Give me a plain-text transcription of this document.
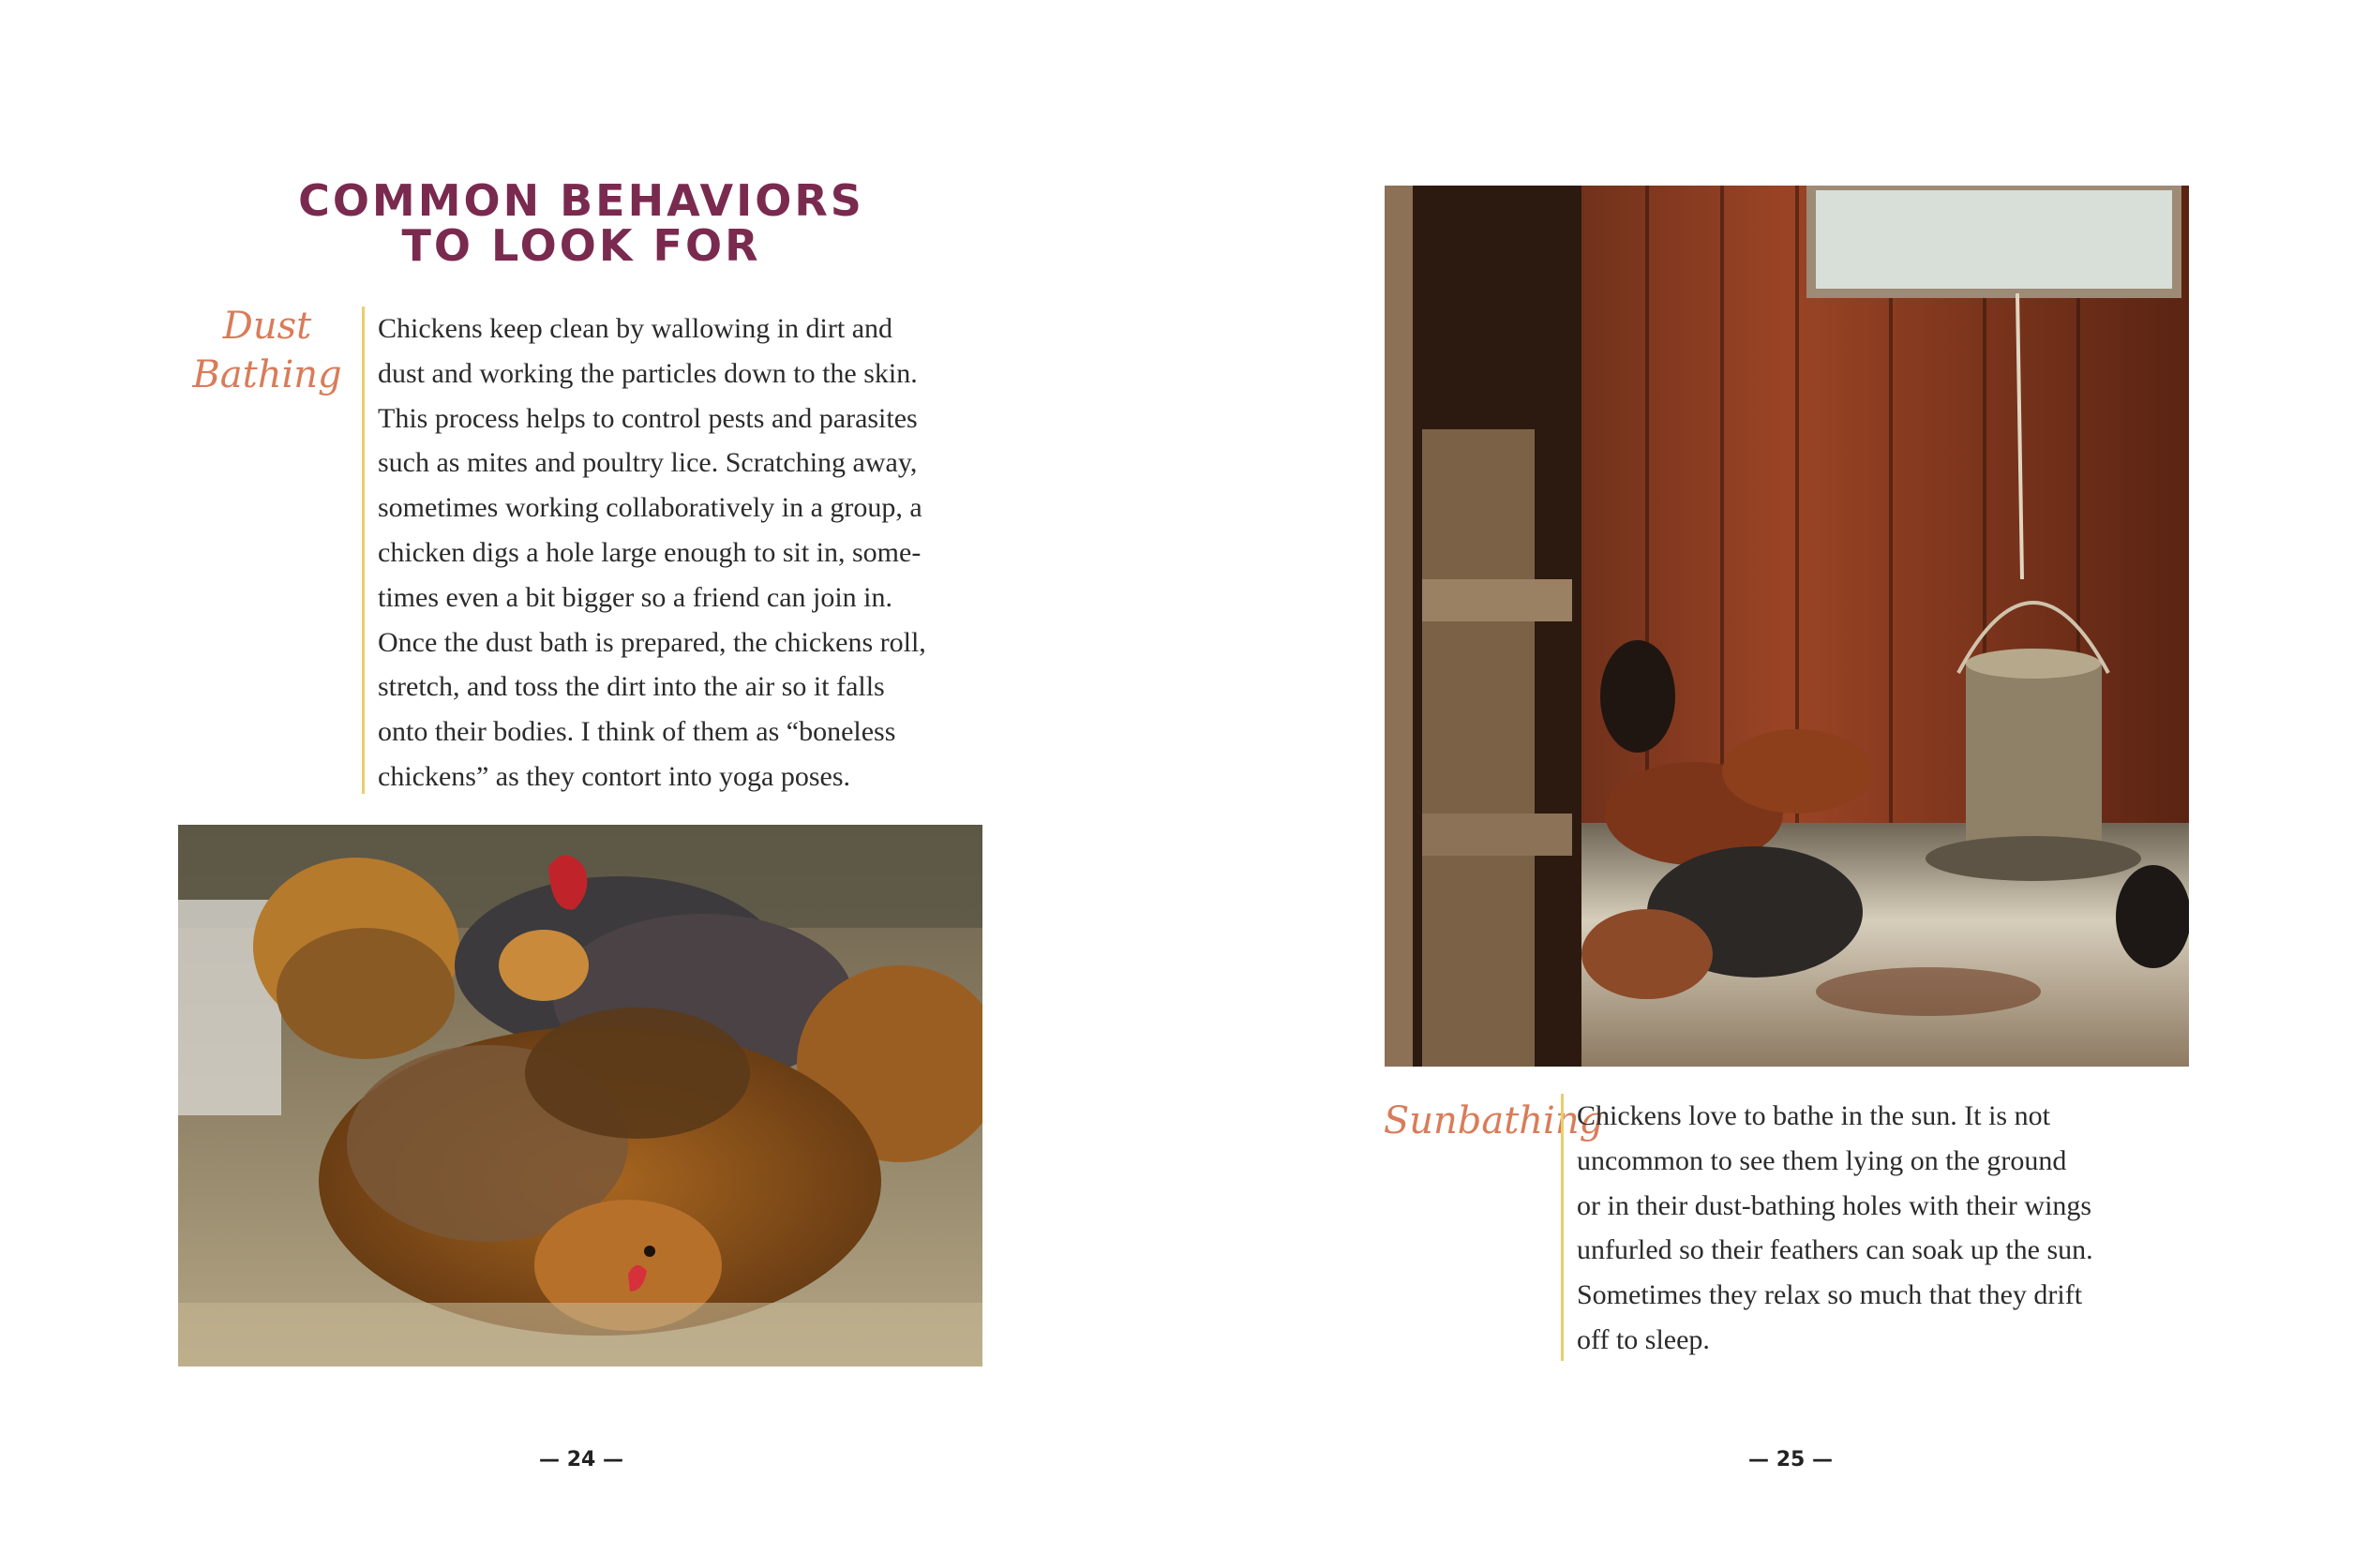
COMMON BEHAVIORS
TO LOOK FOR

Dust
Bathing

Chickens keep clean by wallowing in dirt and
dust and working the particles down to the skin.
This process helps to control pests and parasites
such as mites and poultry lice. Scratching away,
sometimes working collaboratively in a group, a
chicken digs a hole large enough to sit in, some-
times even a bit bigger so a friend can join in.
Once the dust bath is prepared, the chickens roll,
stretch, and toss the dirt into the air so it falls
onto their bodies. I think of them as “boneless
chickens” as they contort into yoga poses.
— 24 —

Sunbathing

Chickens love to bathe in the sun. It is not
uncommon to see them lying on the ground
or in their dust-bathing holes with their wings
unfurled so their feathers can soak up the sun.
Sometimes they relax so much that they drift
off to sleep.
— 25 —
